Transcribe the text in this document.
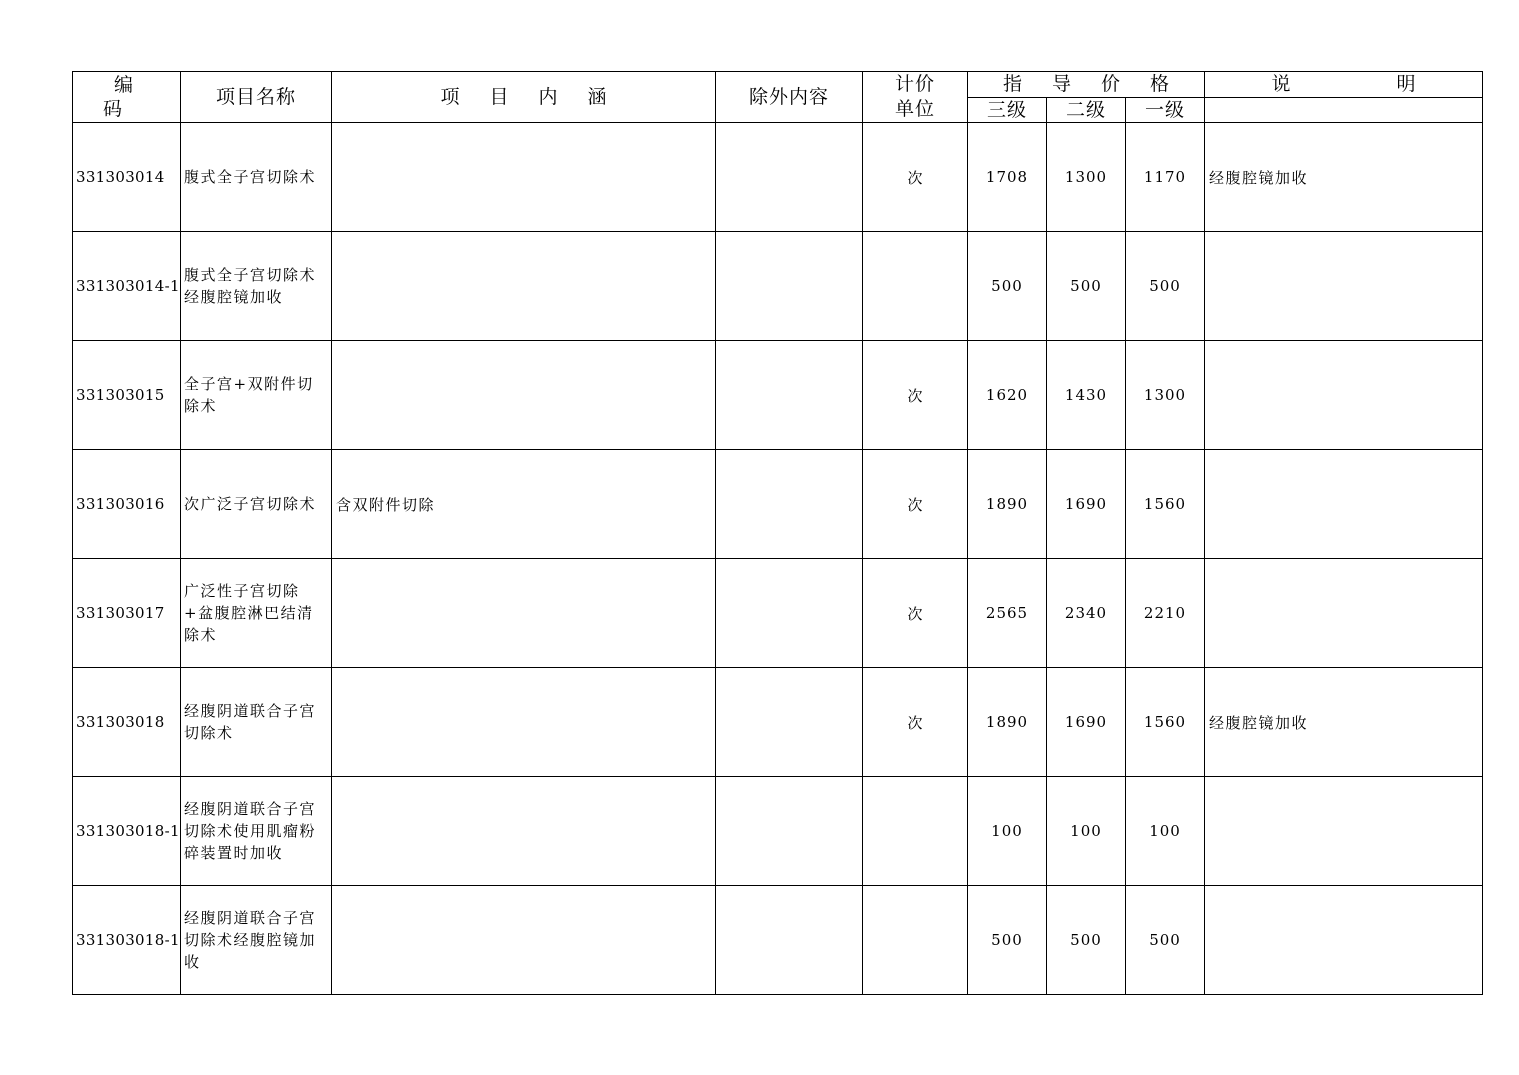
编 码	项目名称	项 目 内 涵	除外内容	计价单位	指 导 价 格			说 明
					三级	二级	一级	
331303014	腹式全子宫切除术			次	1708	1300	1170	经腹腔镜加收
331303014-1	腹式全子宫切除术经腹腔镜加收				500	500	500	
331303015	全子宫+双附件切除术			次	1620	1430	1300	
331303016	次广泛子宫切除术	含双附件切除		次	1890	1690	1560	
331303017	广泛性子宫切除+盆腹腔淋巴结清除术			次	2565	2340	2210	
331303018	经腹阴道联合子宫切除术			次	1890	1690	1560	经腹腔镜加收
331303018-1	经腹阴道联合子宫切除术使用肌瘤粉碎装置时加收				100	100	100	
331303018-1	经腹阴道联合子宫切除术经腹腔镜加收				500	500	500	
